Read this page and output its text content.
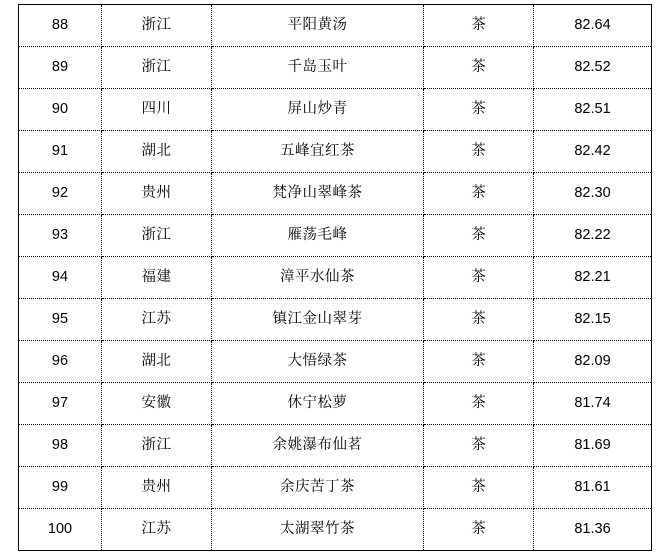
88	浙江	平阳黄汤	茶	82.64
89	浙江	千岛玉叶	茶	82.52
90	四川	屏山炒青	茶	82.51
91	湖北	五峰宜红茶	茶	82.42
92	贵州	梵净山翠峰茶	茶	82.30
93	浙江	雁荡毛峰	茶	82.22
94	福建	漳平水仙茶	茶	82.21
95	江苏	镇江金山翠芽	茶	82.15
96	湖北	大悟绿茶	茶	82.09
97	安徽	休宁松萝	茶	81.74
98	浙江	余姚瀑布仙茗	茶	81.69
99	贵州	余庆苦丁茶	茶	81.61
100	江苏	太湖翠竹茶	茶	81.36
